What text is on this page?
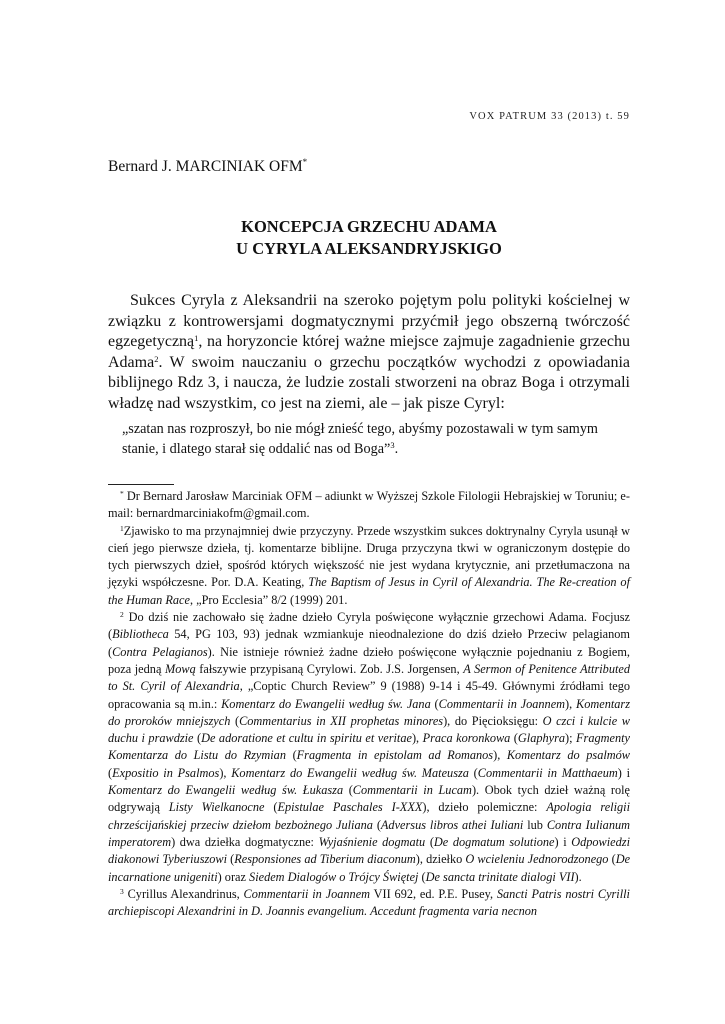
VOX PATRUM 33 (2013) t. 59
Bernard J. MARCINIAK OFM*
KONCEPCJA GRZECHU ADAMA
U CYRYLA ALEKSANDRYJSKIGO

Sukces Cyryla z Aleksandrii na szeroko pojętym polu polityki kościelnej w związku z kontrowersjami dogmatycznymi przyćmił jego obszerną twórczość egzegetyczną$^1$, na horyzoncie której ważne miejsce zajmuje zagadnienie grzechu Adama$^2$. W swoim nauczaniu o grzechu początków wychodzi z opowiadania biblijnego Rdz 3, i naucza, że ludzie zostali stworzeni na obraz Boga i otrzymali władzę nad wszystkim, co jest na ziemi, ale – jak pisze Cyryl:

„szatan nas rozproszył, bo nie mógł znieść tego, abyśmy pozostawali w tym samym stanie, i dlatego starał się oddalić nas od Boga”$^3$.

* Dr Bernard Jarosław Marciniak OFM – adiunkt w Wyższej Szkole Filologii Hebrajskiej w Toruniu; e-mail: bernardmarciniakofm@gmail.com.

$^1$Zjawisko to ma przynajmniej dwie przyczyny. Przede wszystkim sukces doktrynalny Cyryla usunął w cień jego pierwsze dzieła, tj. komentarze biblijne. Druga przyczyna tkwi w ograniczonym dostępie do tych pierwszych dzieł, spośród których większość nie jest wydana krytycznie, ani przetłumaczona na języki współczesne. Por. D.A. Keating, The Baptism of Jesus in Cyril of Alexandria. The Re-creation of the Human Race, „Pro Ecclesia” 8/2 (1999) 201.

$^2$ Do dziś nie zachowało się żadne dzieło Cyryla poświęcone wyłącznie grzechowi Adama. Focjusz (Bibliotheca 54, PG 103, 93) jednak wzmiankuje nieodnalezione do dziś dzieło Przeciw pelagianom (Contra Pelagianos). Nie istnieje również żadne dzieło poświęcone wyłącznie pojednaniu z Bogiem, poza jedną Mową fałszywie przypisaną Cyrylowi. Zob. J.S. Jorgensen, A Sermon of Penitence Attributed to St. Cyril of Alexandria, „Coptic Church Review” 9 (1988) 9-14 i 45-49. Głównymi źródłami tego opracowania są m.in.: Komentarz do Ewangelii według św. Jana (Commentarii in Joannem), Komentarz do proroków mniejszych (Commentarius in XII prophetas minores), do Pięcioksięgu: O czci i kulcie w duchu i prawdzie (De adoratione et cultu in spiritu et veritae), Praca koronkowa (Glaphyra); Fragmenty Komentarza do Listu do Rzymian (Fragmenta in epistolam ad Romanos), Komentarz do psalmów (Expositio in Psalmos), Komentarz do Ewangelii według św. Mateusza (Commentarii in Matthaeum) i Komentarz do Ewangelii według św. Łukasza (Commentarii in Lucam). Obok tych dzieł ważną rolę odgrywają Listy Wielkanocne (Epistulae Paschales I-XXX), dzieło polemiczne: Apologia religii chrześcijańskiej przeciw dziełom bezbożnego Juliana (Adversus libros athei Iuliani lub Contra Iulianum imperatorem) dwa dziełka dogmatyczne: Wyjaśnienie dogmatu (De dogmatum solutione) i Odpowiedzi diakonowi Tyberiuszowi (Responsiones ad Tiberium diaconum), dziełko O wcieleniu Jednorodzonego (De incarnatione unigeniti) oraz Siedem Dialogów o Trójcy Świętej (De sancta trinitate dialogi VII).

$^3$ Cyrillus Alexandrinus, Commentarii in Joannem VII 692, ed. P.E. Pusey, Sancti Patris nostri Cyrilli archiepiscopi Alexandrini in D. Joannis evangelium. Accedunt fragmenta varia necnon
